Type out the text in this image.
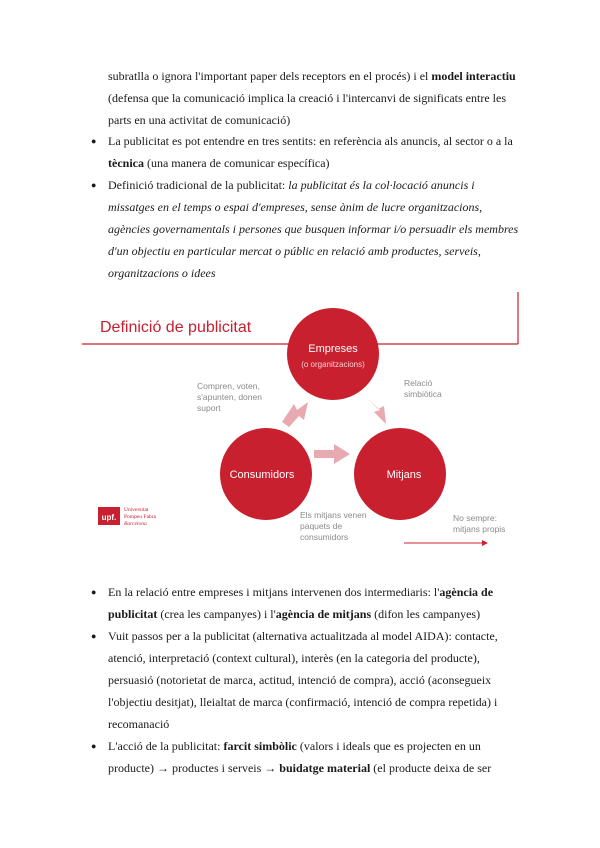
subratlla o ignora l'important paper dels receptors en el procés) i el model interactiu
(defensa que la comunicació implica la creació i l'intercanvi de significats entre les
parts en una activitat de comunicació)
● La publicitat es pot entendre en tres sentits: en referència als anuncis, al sector o a la
tècnica (una manera de comunicar específica)
● Definició tradicional de la publicitat: la publicitat és la col·locació anuncis i
missatges en el temps o espai d'empreses, sense ànim de lucre organitzacions,
agències governamentals i persones que busquen informar i/o persuadir els membres
d'un objectiu en particular mercat o públic en relació amb productes, serveis,
organitzacions o idees
Definició de publicitat
Empreses
(o organitzacions)
Consumidors	Mitjans
Compren, voten,
s'apunten, donen
suport
Relació
simbiòtica
Els mitjans venen
paquets de
consumidors
No sempre:
mitjans propis
upf.
Universitat
Pompeu Fabra
Barcelona
● En la relació entre empreses i mitjans intervenen dos intermediaris: l'agència de
publicitat (crea les campanyes) i l'agència de mitjans (difon les campanyes)
● Vuit passos per a la publicitat (alternativa actualitzada al model AIDA): contacte,
atenció, interpretació (context cultural), interès (en la categoria del producte),
persuasió (notorietat de marca, actitud, intenció de compra), acció (aconsegueix
l'objectiu desitjat), lleialtat de marca (confirmació, intenció de compra repetida) i
recomanació
● L'acció de la publicitat: farcit simbòlic (valors i ideals que es projecten en un
producte) → productes i serveis → buidatge material (el producte deixa de ser
